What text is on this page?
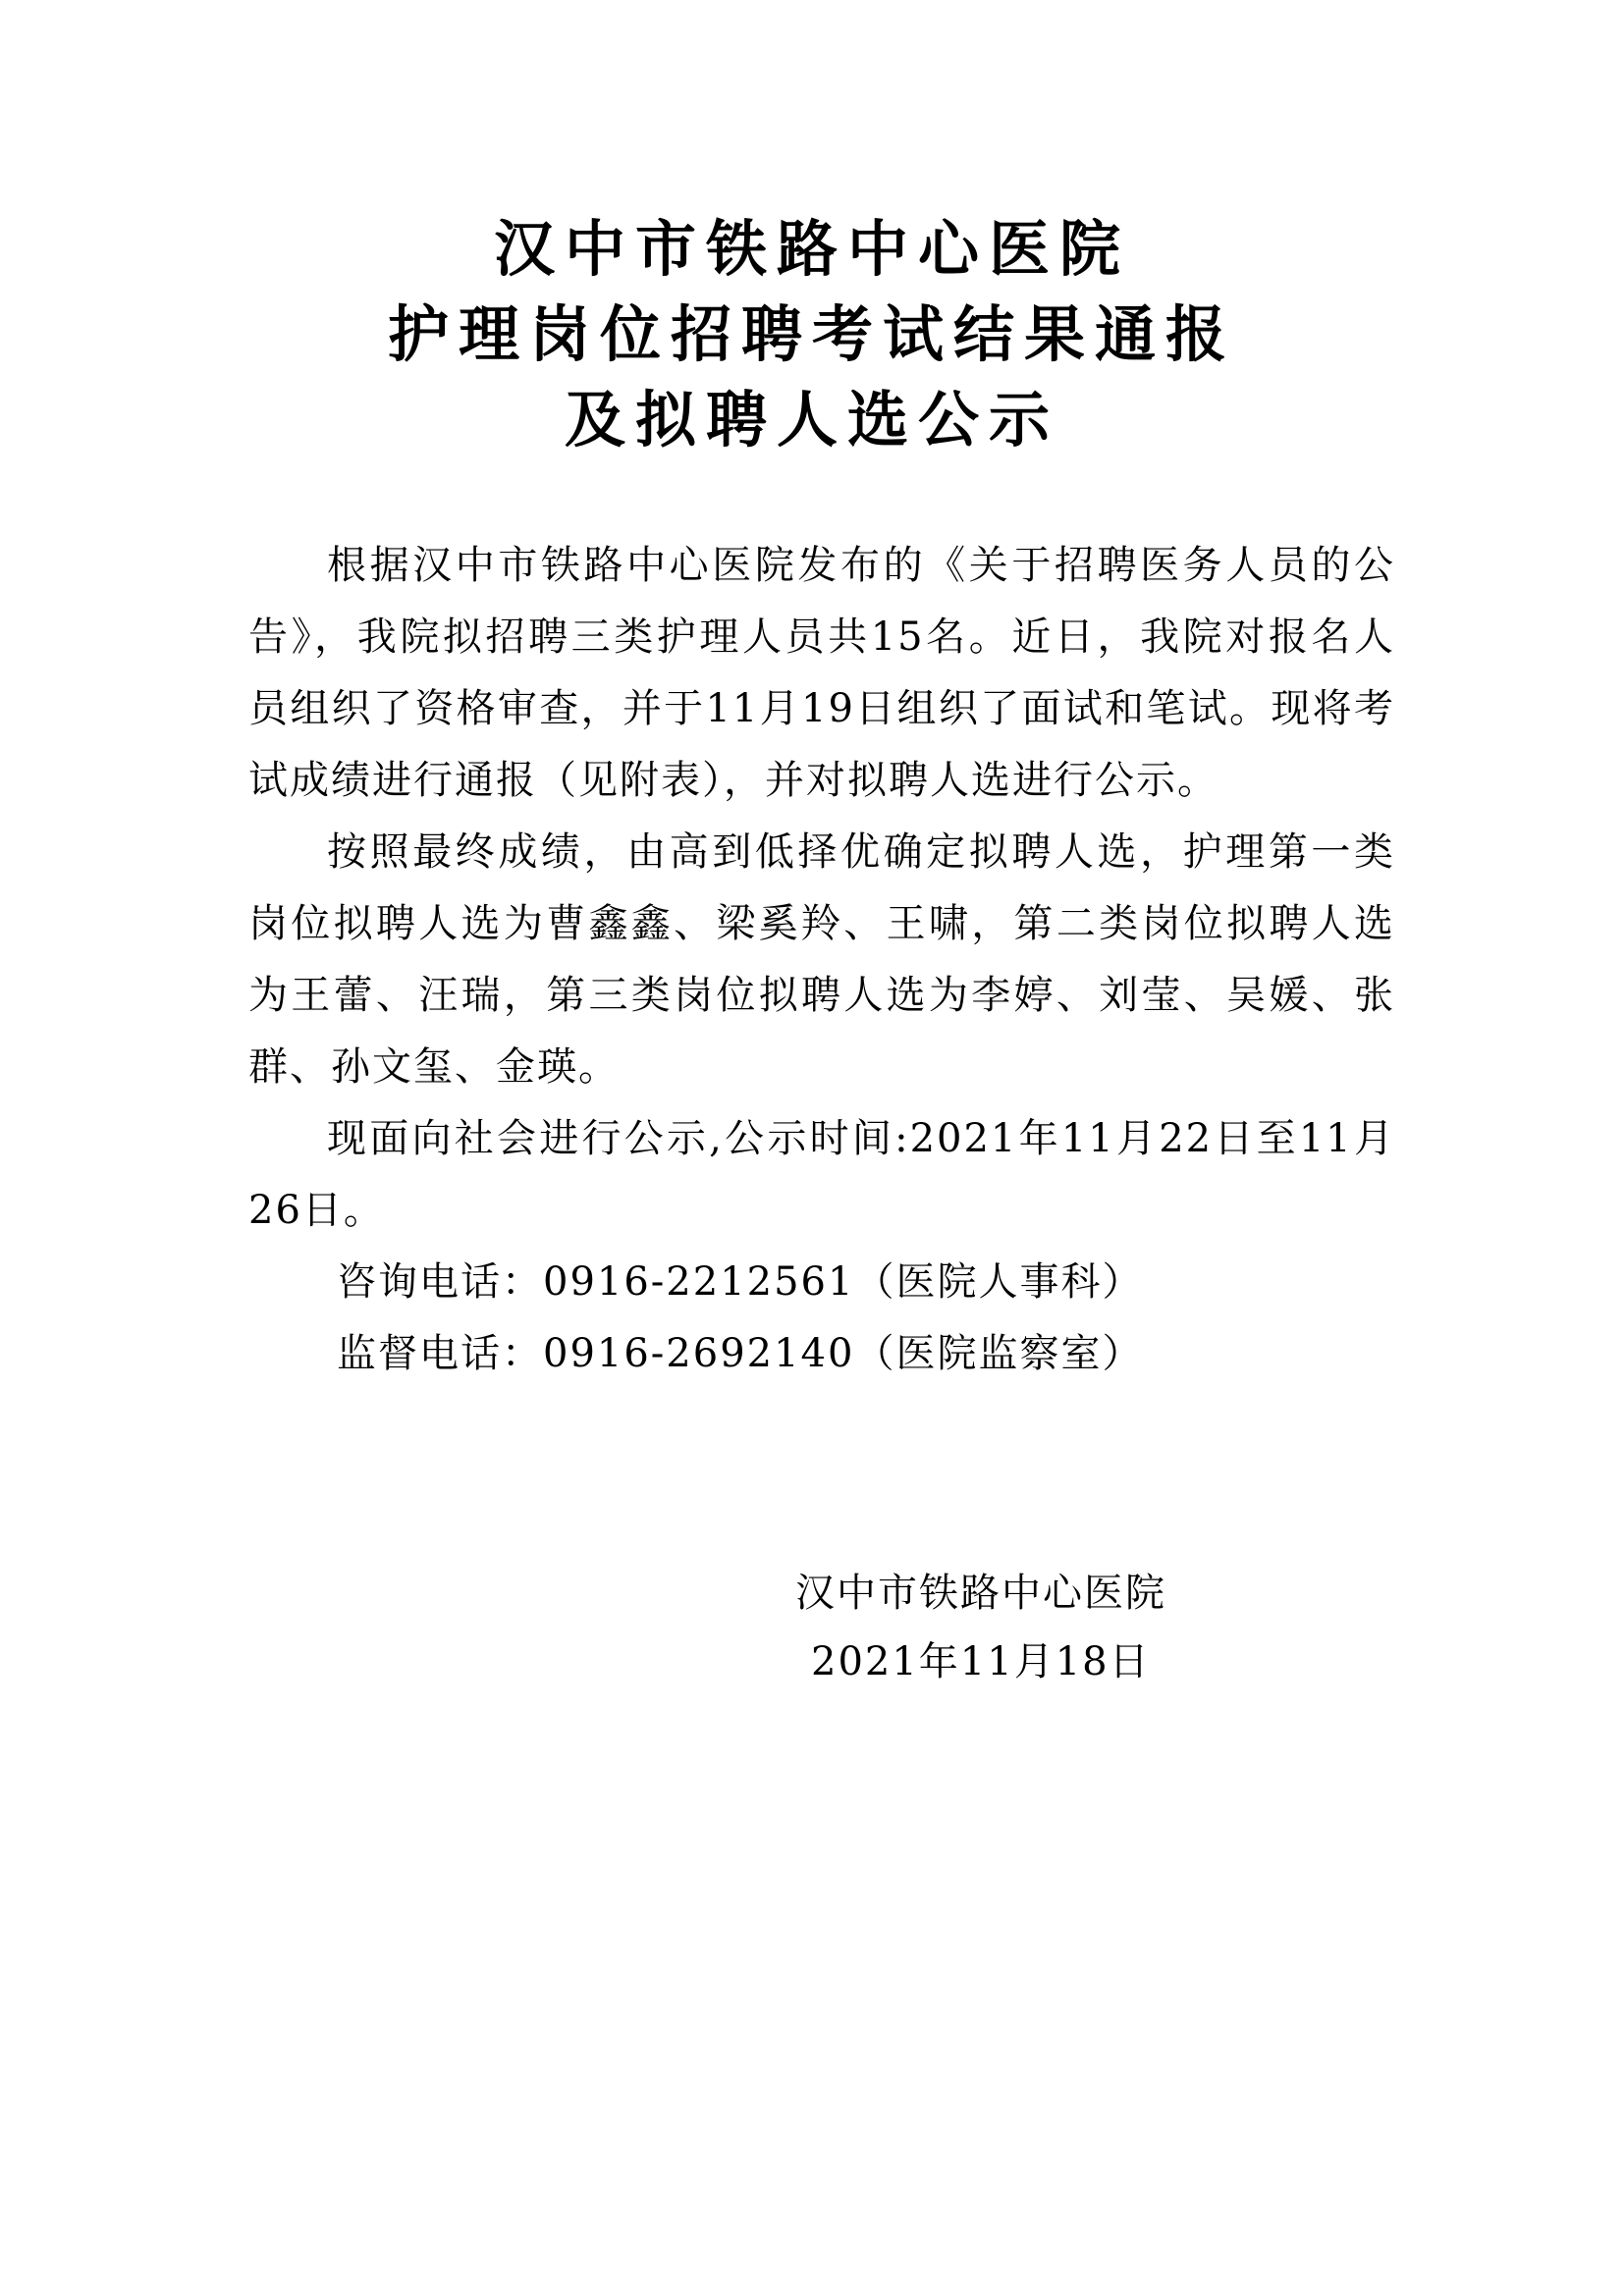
汉中市铁路中心医院
护理岗位招聘考试结果通报
及拟聘人选公示

根据汉中市铁路中心医院发布的《关于招聘医务人员的公告》，我院拟招聘三类护理人员共15名。近日，我院对报名人员组织了资格审查，并于11月19日组织了面试和笔试。现将考试成绩进行通报（见附表），并对拟聘人选进行公示。

按照最终成绩，由高到低择优确定拟聘人选，护理第一类岗位拟聘人选为曹鑫鑫、梁奚羚、王啸，第二类岗位拟聘人选为王蕾、汪瑞，第三类岗位拟聘人选为李婷、刘莹、吴媛、张群、孙文玺、金瑛。

现面向社会进行公示,公示时间:2021年11月22日至11月26日。

咨询电话：0916-2212561（医院人事科）

监督电话：0916-2692140（医院监察室）

汉中市铁路中心医院
2021年11月18日
